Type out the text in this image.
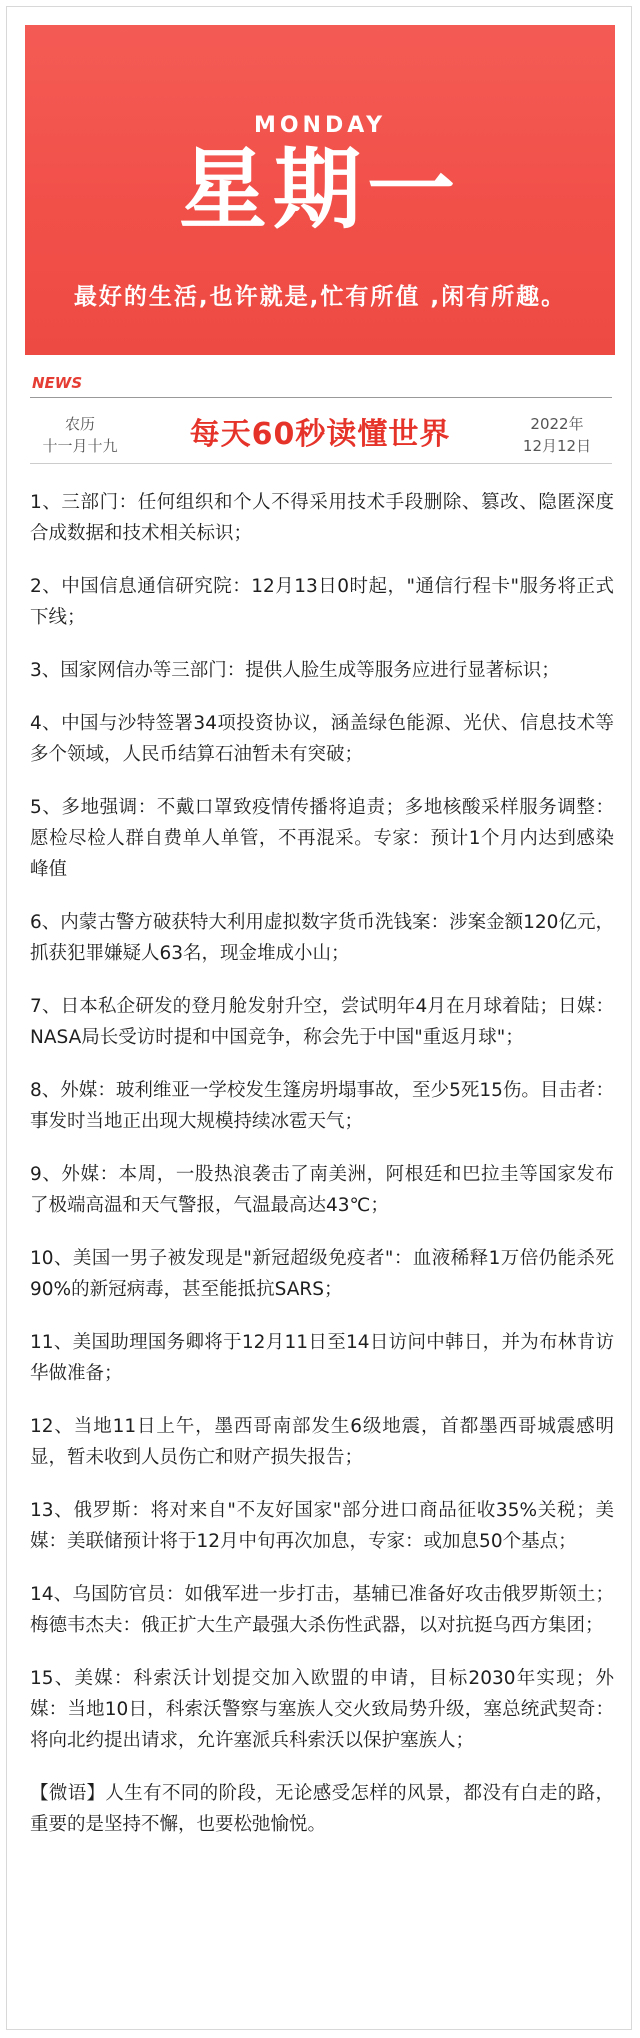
MONDAY
星期一
最好的生活,也许就是,忙有所值 ,闲有所趣。
NEWS
农历
十一月十九	每天60秒读懂世界	2022年
12月12日

1、三部门：任何组织和个人不得采用技术手段删除、篡改、隐匿深度合成数据和技术相关标识；

2、中国信息通信研究院：12月13日0时起，"通信行程卡"服务将正式下线；

3、国家网信办等三部门：提供人脸生成等服务应进行显著标识；

4、中国与沙特签署34项投资协议，涵盖绿色能源、光伏、信息技术等多个领域，人民币结算石油暂未有突破；

5、多地强调：不戴口罩致疫情传播将追责；多地核酸采样服务调整：愿检尽检人群自费单人单管，不再混采。专家：预计1个月内达到感染峰值

6、内蒙古警方破获特大利用虚拟数字货币洗钱案：涉案金额120亿元，抓获犯罪嫌疑人63名，现金堆成小山；

7、日本私企研发的登月舱发射升空，尝试明年4月在月球着陆；日媒：NASA局长受访时提和中国竞争，称会先于中国"重返月球"；

8、外媒：玻利维亚一学校发生篷房坍塌事故，至少5死15伤。目击者：事发时当地正出现大规模持续冰雹天气；

9、外媒：本周，一股热浪袭击了南美洲，阿根廷和巴拉圭等国家发布了极端高温和天气警报，气温最高达43℃；

10、美国一男子被发现是"新冠超级免疫者"：血液稀释1万倍仍能杀死90%的新冠病毒，甚至能抵抗SARS；

11、美国助理国务卿将于12月11日至14日访问中韩日，并为布林肯访华做准备；

12、当地11日上午，墨西哥南部发生6级地震，首都墨西哥城震感明显，暂未收到人员伤亡和财产损失报告；

13、俄罗斯：将对来自"不友好国家"部分进口商品征收35%关税；美媒：美联储预计将于12月中旬再次加息，专家：或加息50个基点；

14、乌国防官员：如俄军进一步打击，基辅已准备好攻击俄罗斯领土；梅德韦杰夫：俄正扩大生产最强大杀伤性武器，以对抗挺乌西方集团；

15、美媒：科索沃计划提交加入欧盟的申请，目标2030年实现；外媒：当地10日，科索沃警察与塞族人交火致局势升级，塞总统武契奇：将向北约提出请求，允许塞派兵科索沃以保护塞族人；

【微语】人生有不同的阶段，无论感受怎样的风景，都没有白走的路，重要的是坚持不懈，也要松弛愉悦。
